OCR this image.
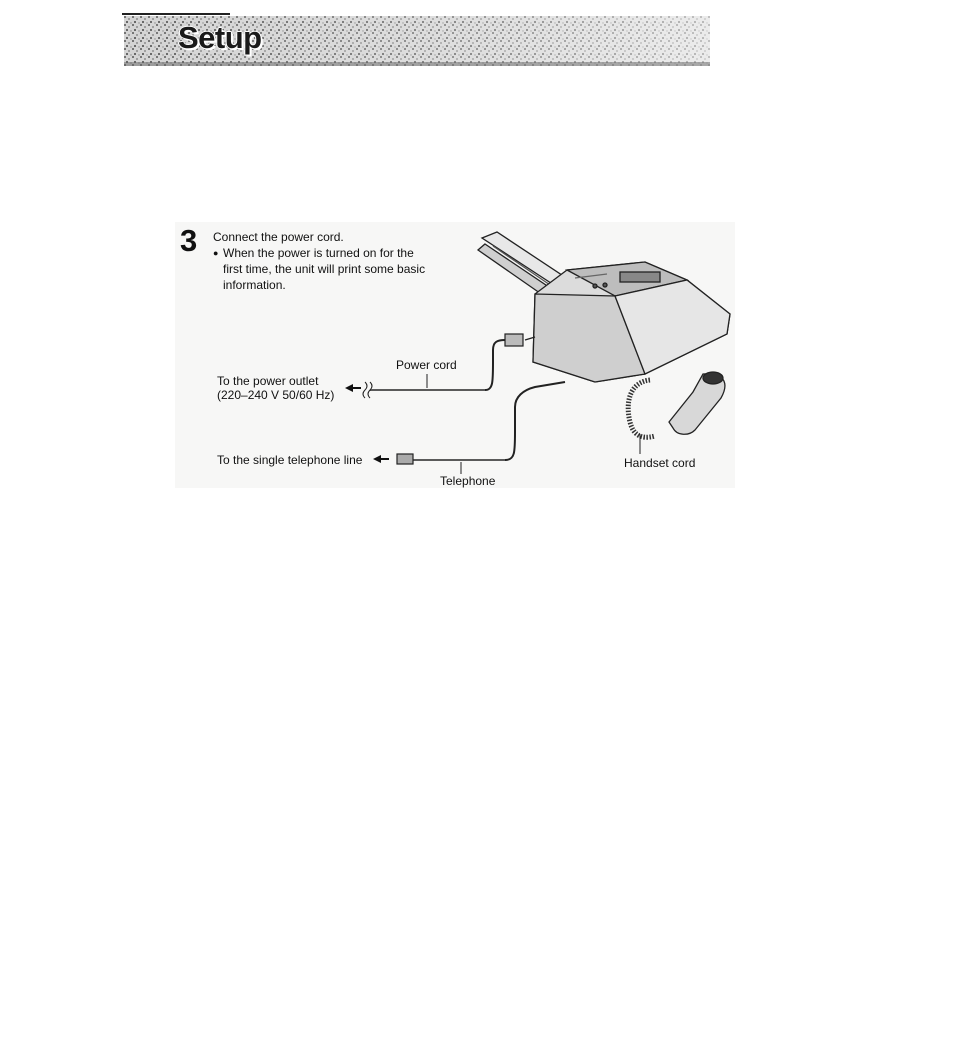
Setup
3 Connect the power cord.
● When the power is turned on for the first time, the unit will print some basic information.
Power cord
To the power outlet
(220–240 V 50/60 Hz)
To the single telephone line
Telephone
Handset cord
